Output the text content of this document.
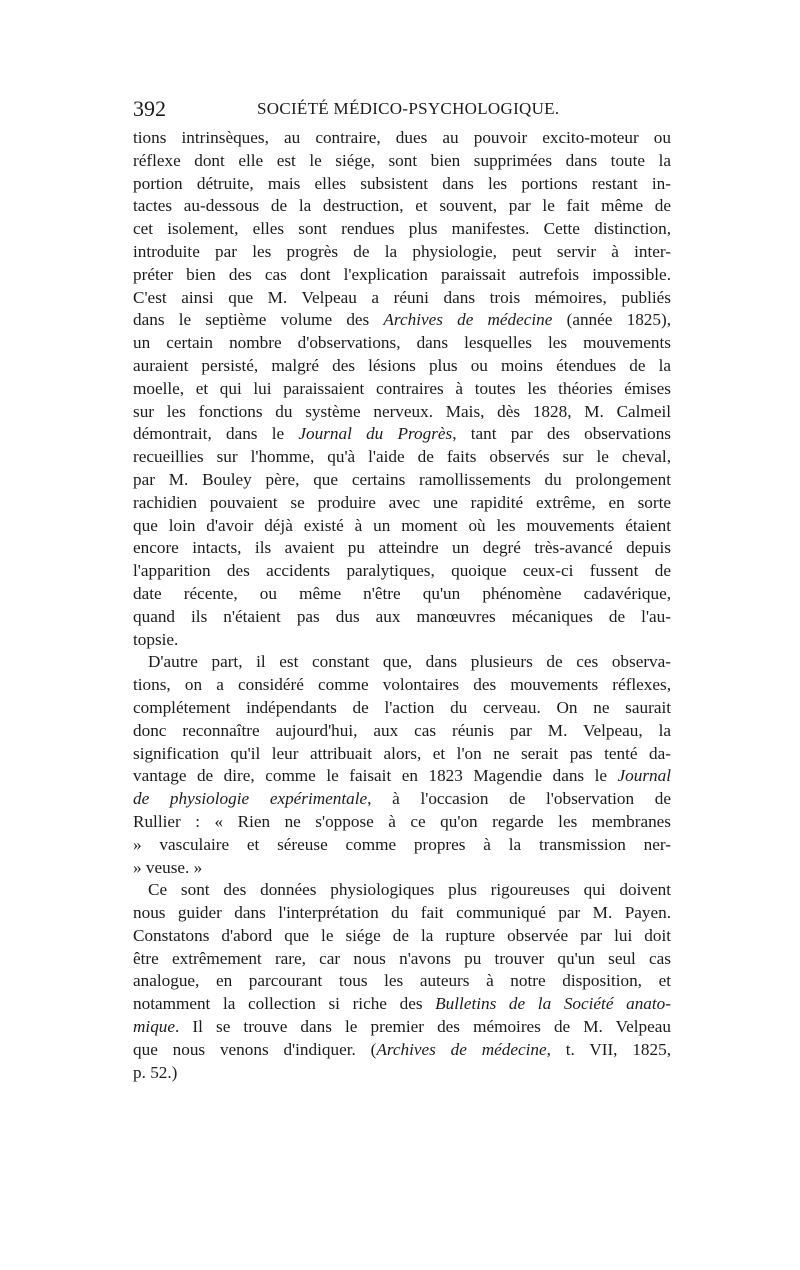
392	SOCIÉTÉ MÉDICO-PSYCHOLOGIQUE.
tions intrinsèques, au contraire, dues au pouvoir excito-moteur ou
réflexe dont elle est le siége, sont bien supprimées dans toute la
portion détruite, mais elles subsistent dans les portions restant in-
tactes au-dessous de la destruction, et souvent, par le fait même de
cet isolement, elles sont rendues plus manifestes. Cette distinction,
introduite par les progrès de la physiologie, peut servir à inter-
préter bien des cas dont l'explication paraissait autrefois impossible.
C'est ainsi que M. Velpeau a réuni dans trois mémoires, publiés
dans le septième volume des Archives de médecine (année 1825),
un certain nombre d'observations, dans lesquelles les mouvements
auraient persisté, malgré des lésions plus ou moins étendues de la
moelle, et qui lui paraissaient contraires à toutes les théories émises
sur les fonctions du système nerveux. Mais, dès 1828, M. Calmeil
démontrait, dans le Journal du Progrès, tant par des observations
recueillies sur l'homme, qu'à l'aide de faits observés sur le cheval,
par M. Bouley père, que certains ramollissements du prolongement
rachidien pouvaient se produire avec une rapidité extrême, en sorte
que loin d'avoir déjà existé à un moment où les mouvements étaient
encore intacts, ils avaient pu atteindre un degré très-avancé depuis
l'apparition des accidents paralytiques, quoique ceux-ci fussent de
date récente, ou même n'être qu'un phénomène cadavérique,
quand ils n'étaient pas dus aux manœuvres mécaniques de l'au-
topsie.
D'autre part, il est constant que, dans plusieurs de ces observa-
tions, on a considéré comme volontaires des mouvements réflexes,
complétement indépendants de l'action du cerveau. On ne saurait
donc reconnaître aujourd'hui, aux cas réunis par M. Velpeau, la
signification qu'il leur attribuait alors, et l'on ne serait pas tenté da-
vantage de dire, comme le faisait en 1823 Magendie dans le Journal
de physiologie expérimentale, à l'occasion de l'observation de
Rullier : « Rien ne s'oppose à ce qu'on regarde les membranes
» vasculaire et séreuse comme propres à la transmission ner-
» veuse. »
Ce sont des données physiologiques plus rigoureuses qui doivent
nous guider dans l'interprétation du fait communiqué par M. Payen.
Constatons d'abord que le siége de la rupture observée par lui doit
être extrêmement rare, car nous n'avons pu trouver qu'un seul cas
analogue, en parcourant tous les auteurs à notre disposition, et
notamment la collection si riche des Bulletins de la Société anato-
mique. Il se trouve dans le premier des mémoires de M. Velpeau
que nous venons d'indiquer. (Archives de médecine, t. VII, 1825,
p. 52.)
